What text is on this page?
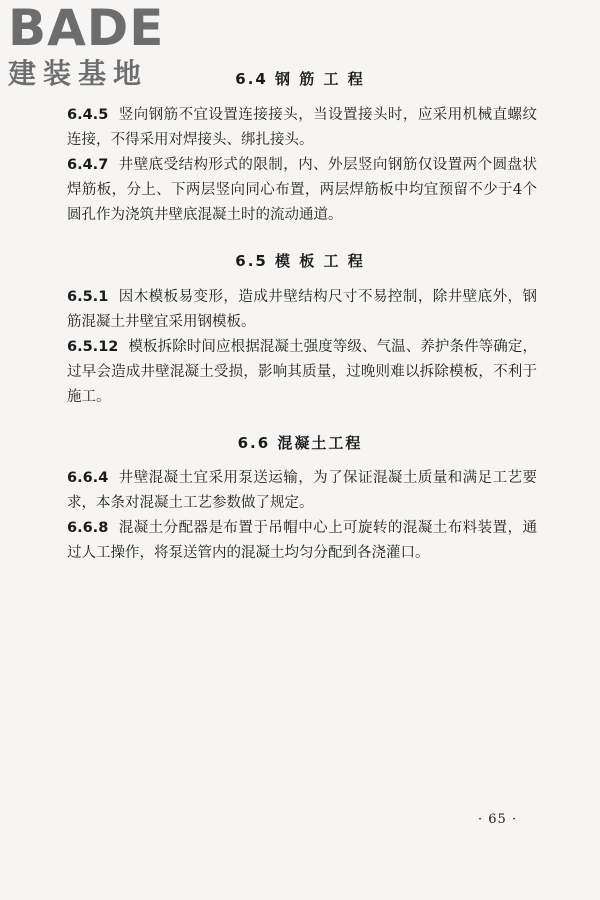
BADE
建装基地	6.4 钢 筋 工 程
6.4.5 竖向钢筋不宜设置连接接头，当设置接头时，应采用机械直螺纹连接，不得采用对焊接头、绑扎接头。
6.4.7 井壁底受结构形式的限制，内、外层竖向钢筋仅设置两个圆盘状焊筋板，分上、下两层竖向同心布置，两层焊筋板中均宜预留不少于4个圆孔作为浇筑井壁底混凝土时的流动通道。
6.5 模 板 工 程
6.5.1 因木模板易变形，造成井壁结构尺寸不易控制，除井壁底外，钢筋混凝土井壁宜采用钢模板。
6.5.12 模板拆除时间应根据混凝土强度等级、气温、养护条件等确定，过早会造成井壁混凝土受损，影响其质量，过晚则难以拆除模板，不利于施工。
6.6 混凝土工程
6.6.4 井壁混凝土宜采用泵送运输，为了保证混凝土质量和满足工艺要求，本条对混凝土工艺参数做了规定。
6.6.8 混凝土分配器是布置于吊帽中心上可旋转的混凝土布料装置，通过人工操作，将泵送管内的混凝土均匀分配到各浇灌口。
· 65 ·
